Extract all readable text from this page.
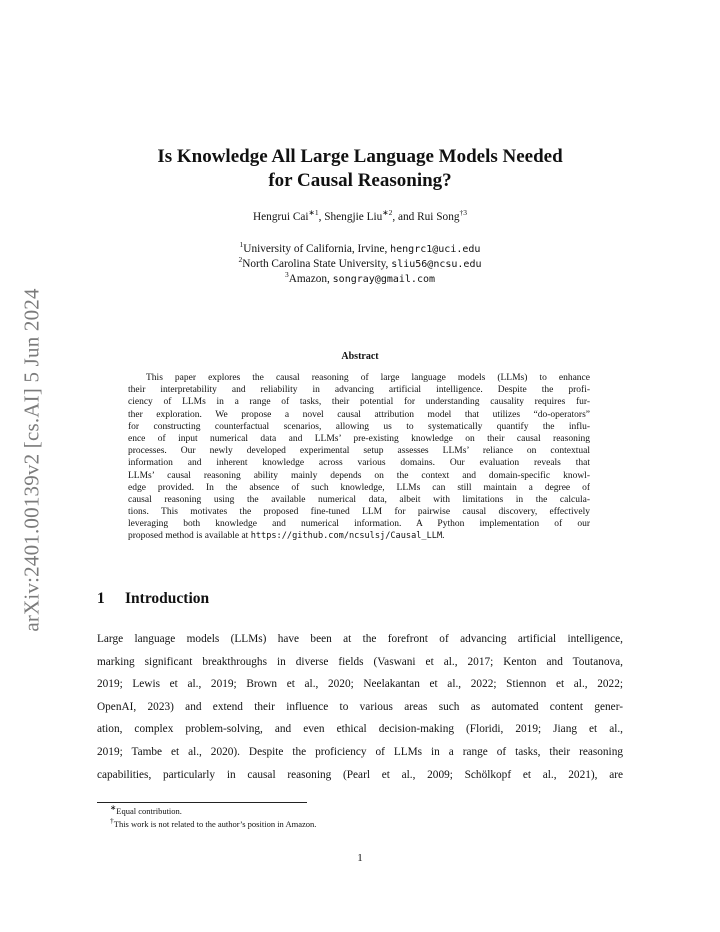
arXiv:2401.00139v2 [cs.AI] 5 Jun 2024
Is Knowledge All Large Language Models Needed
for Causal Reasoning?
Hengrui Cai$^{∗1}$, Shengjie Liu$^{∗2}$, and Rui Song$^{\dagger 3}$
$^1$University of California, Irvine, hengrc1@uci.edu
$^2$North Carolina State University, sliu56@ncsu.edu
$^3$Amazon, songray@gmail.com
Abstract
This paper explores the causal reasoning of large language models (LLMs) to enhance
their interpretability and reliability in advancing artificial intelligence. Despite the profi-
ciency of LLMs in a range of tasks, their potential for understanding causality requires fur-
ther exploration. We propose a novel causal attribution model that utilizes “do-operators”
for constructing counterfactual scenarios, allowing us to systematically quantify the influ-
ence of input numerical data and LLMs’ pre-existing knowledge on their causal reasoning
processes. Our newly developed experimental setup assesses LLMs’ reliance on contextual
information and inherent knowledge across various domains. Our evaluation reveals that
LLMs’ causal reasoning ability mainly depends on the context and domain-specific knowl-
edge provided. In the absence of such knowledge, LLMs can still maintain a degree of
causal reasoning using the available numerical data, albeit with limitations in the calcula-
tions. This motivates the proposed fine-tuned LLM for pairwise causal discovery, effectively
leveraging both knowledge and numerical information. A Python implementation of our
proposed method is available at https://github.com/ncsulsj/Causal_LLM.
1 Introduction
Large language models (LLMs) have been at the forefront of advancing artificial intelligence,
marking significant breakthroughs in diverse fields (Vaswani et al., 2017; Kenton and Toutanova,
2019; Lewis et al., 2019; Brown et al., 2020; Neelakantan et al., 2022; Stiennon et al., 2022;
OpenAI, 2023) and extend their influence to various areas such as automated content gener-
ation, complex problem-solving, and even ethical decision-making (Floridi, 2019; Jiang et al.,
2019; Tambe et al., 2020). Despite the proficiency of LLMs in a range of tasks, their reasoning
capabilities, particularly in causal reasoning (Pearl et al., 2009; Schölkopf et al., 2021), are
∗Equal contribution.
†This work is not related to the author’s position in Amazon.
1
